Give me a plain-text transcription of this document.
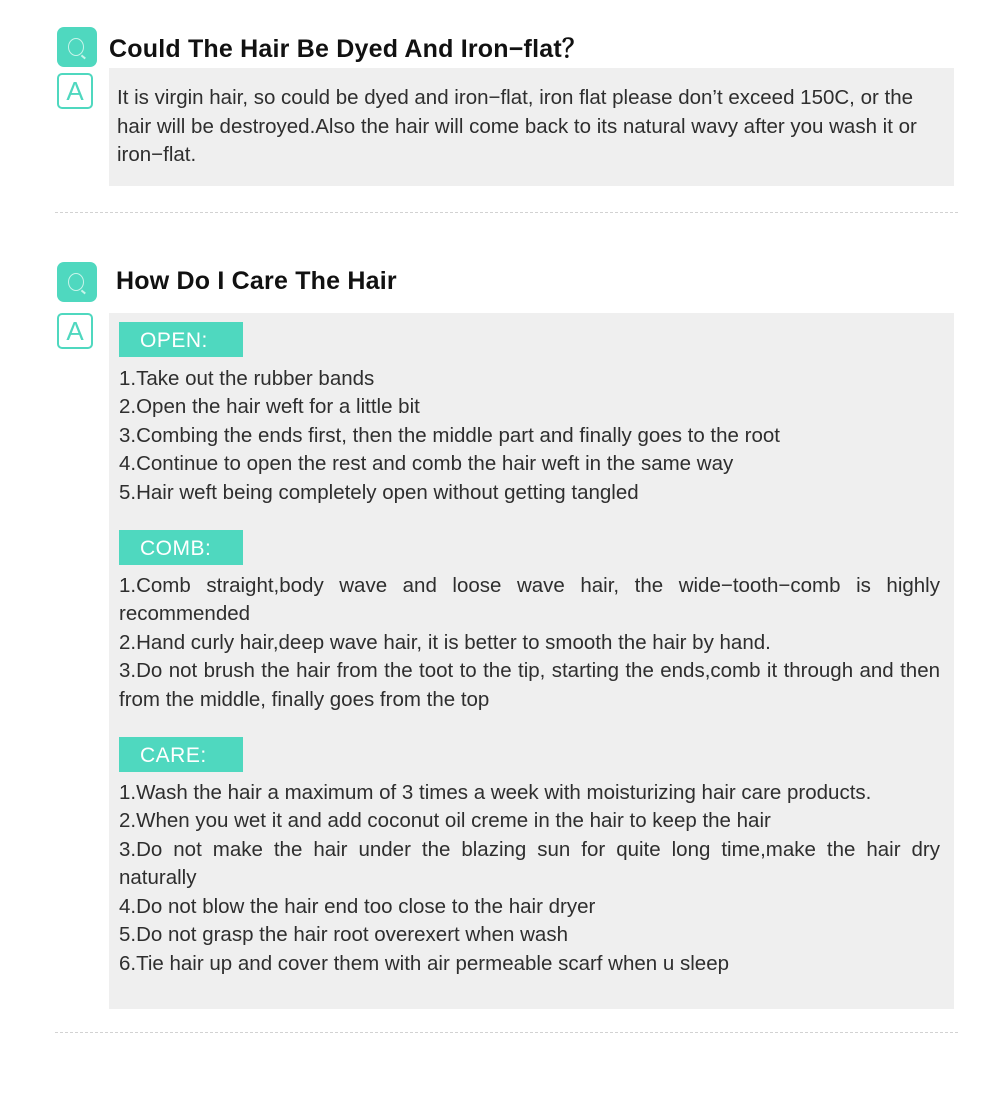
Could The Hair Be Dyed And Iron−flat？
A	It is virgin hair, so could be dyed and iron−flat, iron flat please don’t exceed 150C, or the hair will be destroyed.Also the hair will come back to its natural wavy after you wash it or iron−flat.
How Do I Care The Hair
A	OPEN:
1.Take out the rubber bands
2.Open the hair weft for a little bit
3.Combing the ends first, then the middle part and finally goes to the root
4.Continue to open the rest and comb the hair weft in the same way
5.Hair weft being completely open without getting tangled
COMB:
1.Comb straight,body wave and loose wave hair, the wide−tooth−comb is highly recommended
2.Hand curly hair,deep wave hair, it is better to smooth the hair by hand.
3.Do not brush the hair from the toot to the tip, starting the ends,comb it through and then from the middle, finally goes from the top
CARE:
1.Wash the hair a maximum of 3 times a week with moisturizing hair care products.
2.When you wet it and add coconut oil creme in the hair to keep the hair
3.Do not make the hair under the blazing sun for quite long time,make the hair dry naturally
4.Do not blow the hair end too close to the hair dryer
5.Do not grasp the hair root overexert when wash
6.Tie hair up and cover them with air permeable scarf when u sleep
